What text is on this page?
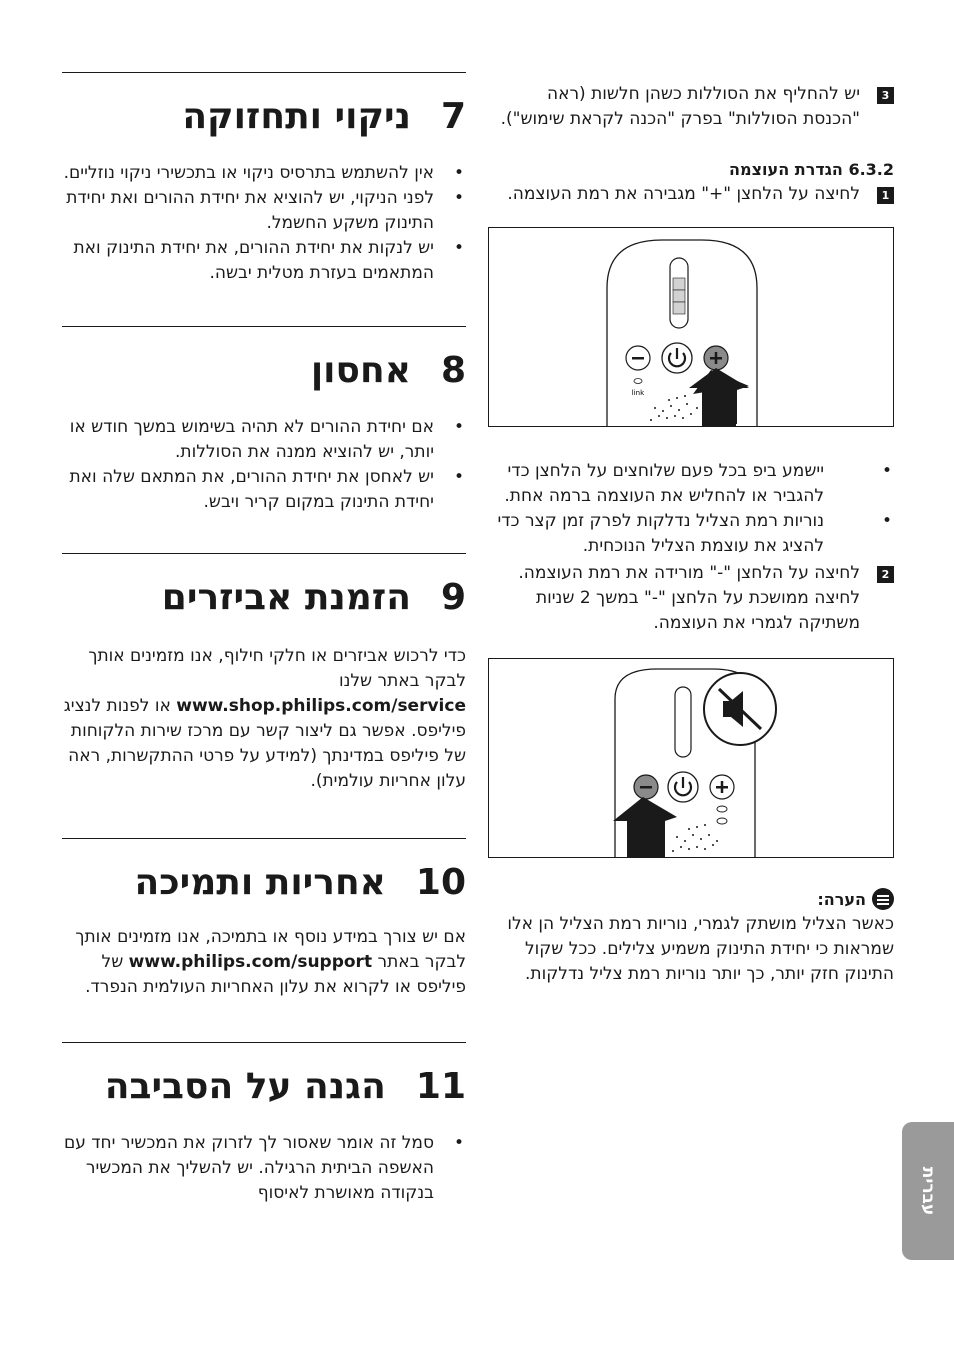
7
ניקוי ותחזוקה
• אין להשתמש בתרסיס ניקוי או בתכשירי ניקוי נוזליים.
• לפני הניקוי, יש להוציא את יחידת ההורים ואת יחידת התינוק משקע החשמל.
• יש לנקות את יחידת ההורים, את יחידת התינוק ואת המתאמים בעזרת מטלית יבשה.
8
אחסון
• אם יחידת ההורים לא תהיה בשימוש במשך חודש או יותר, יש להוציא ממנה את הסוללות.
• יש לאחסן את יחידת ההורים, את המתאם שלה ואת יחידת התינוק במקום קריר ויבש.
9
הזמנת אביזרים

כדי לרכוש אביזרים או חלקי חילוף, אנו מזמינים אותך לבקר באתר שלנו www.shop.philips.com/service או לפנות לנציג פיליפס. אפשר גם ליצור קשר עם מרכז שירות הלקוחות של פיליפס במדינתך (למידע על פרטי ההתקשרות, ראה עלון אחריות עולמית).

10
אחריות ותמיכה

אם יש צורך במידע נוסף או בתמיכה, אנו מזמינים אותך לבקר באתר www.philips.com/support של פיליפס או לקרוא את עלון האחריות העולמית הנפרד.

11
הגנה על הסביבה
• סמל זה אומר שאסור לך לזרוק את המכשיר יחד עם האשפה הביתית הרגילה. יש להשליך את המכשיר בנקודה מאושרת לאיסוף
3
יש להחליף את הסוללות כשהן חלשות (ראה "הכנסת הסוללות" בפרק "הכנה לקראת שימוש").
6.3.2 הגדרת העוצמה
1
לחיצה על הלחצן "+" מגבירה את רמת העוצמה.
link
• יישמע ביפ בכל פעם שלוחצים על הלחצן כדי להגביר או להחליש את העוצמה ברמה אחת.
• נוריות רמת הצליל נדלקות לפרק זמן קצר כדי להציג את עוצמת הצליל הנוכחית.
2
לחיצה על הלחצן "-" מורידה את רמת העוצמה. לחיצה ממושכת על הלחצן "-" במשך 2 שניות משתיקה לגמרי את העוצמה.
הערה:

כאשר הצליל מושתק לגמרי, נוריות רמת הצליל הן אלו שמראות כי יחידת התינוק משמיע צלילים. ככל שקול התינוק חזק יותר, כך יותר נוריות רמת צליל נדלקות.

עברית
